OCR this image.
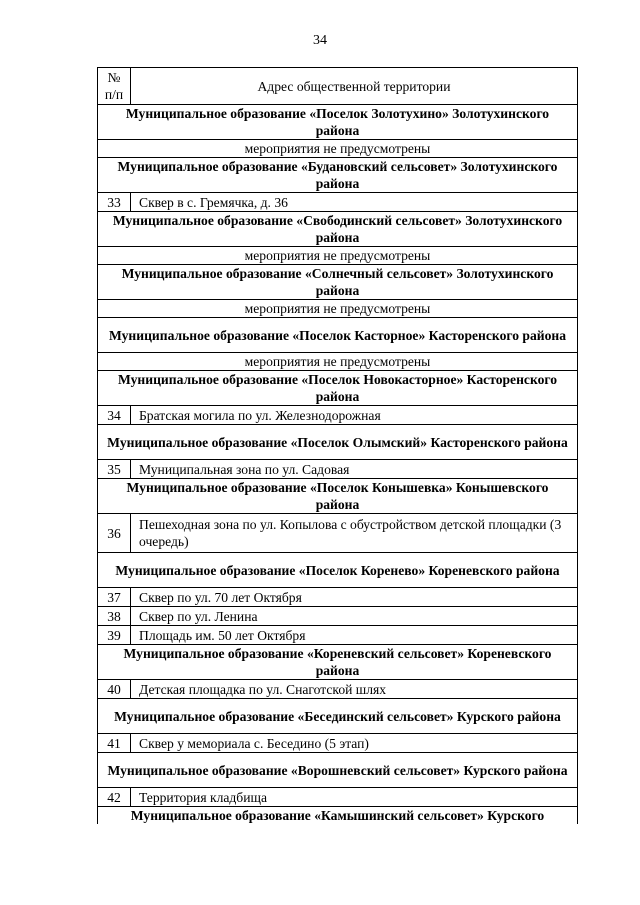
34
№ п/п	Адрес общественной территории
Муниципальное образование «Поселок Золотухино» Золотухинского района	
мероприятия не предусмотрены	
Муниципальное образование «Будановский сельсовет» Золотухинского района	
33	Сквер в с. Гремячка, д. 36
Муниципальное образование «Свободинский сельсовет» Золотухинского района	
мероприятия не предусмотрены	
Муниципальное образование «Солнечный сельсовет» Золотухинского района	
мероприятия не предусмотрены	
Муниципальное образование «Поселок Касторное» Касторенского района	
мероприятия не предусмотрены	
Муниципальное образование «Поселок Новокасторное» Касторенского района	
34	Братская могила по ул. Железнодорожная
Муниципальное образование «Поселок Олымский» Касторенского района	
35	Муниципальная зона по ул. Садовая
Муниципальное образование «Поселок Конышевка» Конышевского района	
36	Пешеходная зона по ул. Копылова с обустройством детской площадки (3 очередь)
Муниципальное образование «Поселок Коренево» Кореневского района	
37	Сквер по ул. 70 лет Октября
38	Сквер по ул. Ленина
39	Площадь им. 50 лет Октября
Муниципальное образование «Кореневский сельсовет» Кореневского района	
40	Детская площадка по ул. Снаготской шлях
Муниципальное образование «Бесединский сельсовет» Курского района	
41	Сквер у мемориала с. Беседино (5 этап)
Муниципальное образование «Ворошневский сельсовет» Курского района	
42	Территория кладбища
Муниципальное образование «Камышинский сельсовет» Курского	
